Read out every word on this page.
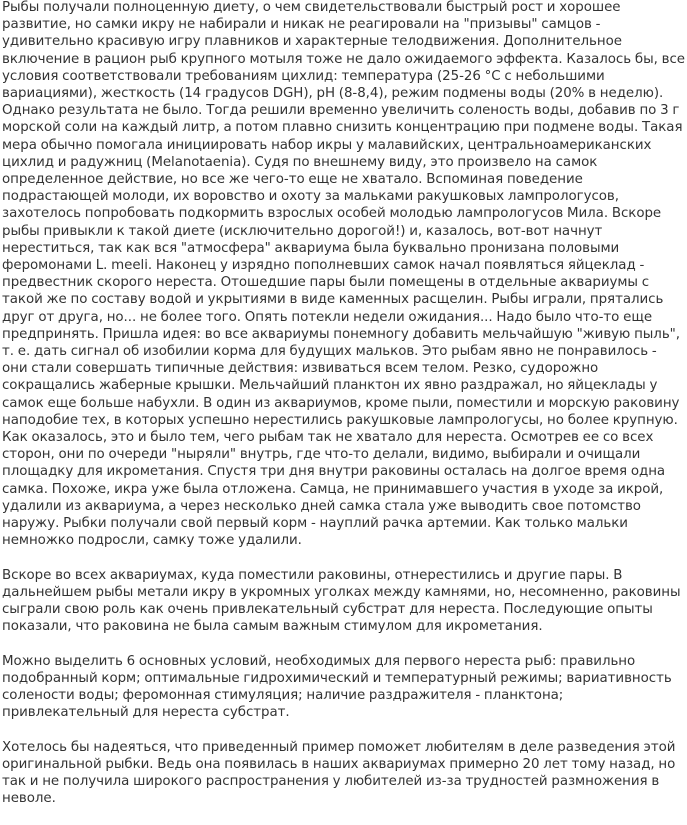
Рыбы получали полноценную диету, о чем свидетельствовали быстрый рост и хорошее развитие, но самки икру не набирали и никак не реагировали на "призывы" самцов - удивительно красивую игру плавников и характерные телодвижения. Дополнительное включение в рацион рыб крупного мотыля тоже не дало ожидаемого эффекта. Казалось бы, все условия соответствовали требованиям цихлид: температура (25-26 °С с небольшими вариациями), жесткость (14 градусов DGH), pH (8-8,4), режим подмены воды (20% в неделю). Однако результата не было. Тогда решили временно увеличить соленость воды, добавив по 3 г морской соли на каждый литр, а потом плавно снизить концентрацию при подмене воды. Такая мера обычно помогала инициировать набор икры у малавийских, центральноамериканских цихлид и радужниц (Melanotaenia). Судя по внешнему виду, это произвело на самок определенное действие, но все же чего-то еще не хватало. Вспоминая поведение подрастающей молоди, их воровство и охоту за мальками ракушковых лампрологусов, захотелось попробовать подкормить взрослых особей молодью лампрологусов Мила. Вскоре рыбы привыкли к такой диете (исключительно дорогой!) и, казалось, вот-вот начнут нереститься, так как вся "атмосфера" аквариума была буквально пронизана половыми феромонами L. meeli. Наконец у изрядно пополневших самок начал появляться яйцеклад - предвестник скорого нереста. Отошедшие пары были помещены в отдельные аквариумы с такой же по составу водой и укрытиями в виде каменных расщелин. Рыбы играли, прятались друг от друга, но... не более того. Опять потекли недели ожидания... Надо было что-то еще предпринять. Пришла идея: во все аквариумы понемногу добавить мельчайшую "живую пыль", т. е. дать сигнал об изобилии корма для будущих мальков. Это рыбам явно не понравилось - они стали совершать типичные действия: извиваться всем телом. Резко, судорожно сокращались жаберные крышки. Мельчайший планктон их явно раздражал, но яйцеклады у самок еще больше набухли. В один из аквариумов, кроме пыли, поместили и морскую раковину наподобие тех, в которых успешно нерестились ракушковые лампрологусы, но более крупную. Как оказалось, это и было тем, чего рыбам так не хватало для нереста. Осмотрев ее со всех сторон, они по очереди "ныряли" внутрь, где что-то делали, видимо, выбирали и очищали площадку для икрометания. Спустя три дня внутри раковины осталась на долгое время одна самка. Похоже, икра уже была отложена. Самца, не принимавшего участия в уходе за икрой, удалили из аквариума, а через несколько дней самка стала уже выводить свое потомство наружу. Рыбки получали свой первый корм - науплий рачка артемии. Как только мальки немножко подросли, самку тоже удалили.

Вскоре во всех аквариумах, куда поместили раковины, отнерестились и другие пары. В дальнейшем рыбы метали икру в укромных уголках между камнями, но, несомненно, раковины сыграли свою роль как очень привлекательный субстрат для нереста. Последующие опыты показали, что раковина не была самым важным стимулом для икрометания.

Можно выделить 6 основных условий, необходимых для первого нереста рыб: правильно подобранный корм; оптимальные гидрохимический и температурный режимы; вариативность солености воды; феромонная стимуляция; наличие раздражителя - планктона; привлекательный для нереста субстрат.

Хотелось бы надеяться, что приведенный пример поможет любителям в деле разведения этой оригинальной рыбки. Ведь она появилась в наших аквариумах примерно 20 лет тому назад, но так и не получила широкого распространения у любителей из-за трудностей размножения в неволе.
